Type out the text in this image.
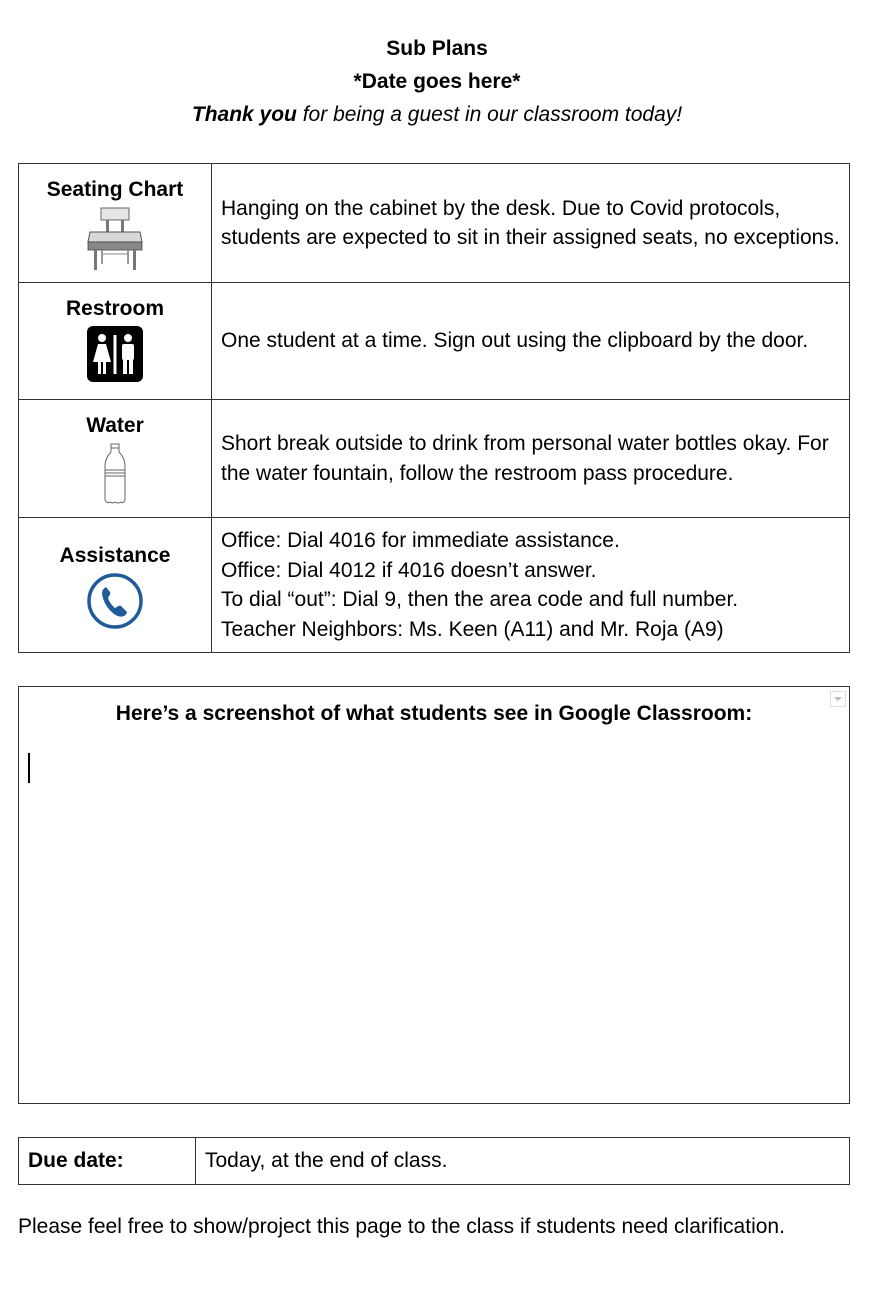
Sub Plans
*Date goes here*
Thank you for being a guest in our classroom today!
Seating Chart	Hanging on the cabinet by the desk. Due to Covid protocols, students are expected to sit in their assigned seats, no exceptions.

Restroom	One student at a time. Sign out using the clipboard by the door.

Water	Short break outside to drink from personal water bottles okay. For the water fountain, follow the restroom pass procedure.

Assistance	Office: Dial 4016 for immediate assistance.
Office: Dial 4012 if 4016 doesn’t answer.
To dial “out”: Dial 9, then the area code and full number.
Teacher Neighbors: Ms. Keen (A11) and Mr. Roja (A9)
Here’s a screenshot of what students see in Google Classroom:
Due date:	Today, at the end of class.
Please feel free to show/project this page to the class if students need clarification.
